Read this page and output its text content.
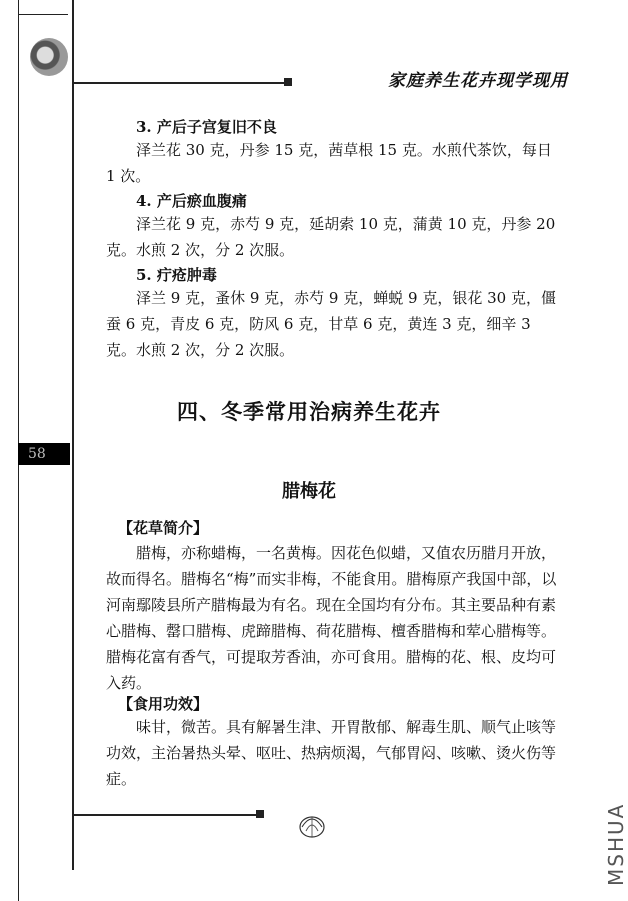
家庭养生花卉现学现用
58
3. 产后子宫复旧不良
泽兰花 30 克，丹参 15 克，茜草根 15 克。水煎代茶饮，每日 1 次。
4. 产后瘀血腹痛
泽兰花 9 克，赤芍 9 克，延胡索 10 克，蒲黄 10 克，丹参 20 克。水煎 2 次，分 2 次服。
5. 疔疮肿毒
泽兰 9 克，蚤休 9 克，赤芍 9 克，蝉蜕 9 克，银花 30 克，僵蚕 6 克，青皮 6 克，防风 6 克，甘草 6 克，黄连 3 克，细辛 3 克。水煎 2 次，分 2 次服。
四、冬季常用治病养生花卉
腊梅花
【花草简介】
腊梅，亦称蜡梅，一名黄梅。因花色似蜡，又值农历腊月开放，故而得名。腊梅名“梅”而实非梅，不能食用。腊梅原产我国中部，以河南鄢陵县所产腊梅最为有名。现在全国均有分布。其主要品种有素心腊梅、罄口腊梅、虎蹄腊梅、荷花腊梅、檀香腊梅和荤心腊梅等。腊梅花富有香气，可提取芳香油，亦可食用。腊梅的花、根、皮均可入药。
【食用功效】
味甘，微苦。具有解暑生津、开胃散郁、解毒生肌、顺气止咳等功效，主治暑热头晕、呕吐、热病烦渴，气郁胃闷、咳嗽、烫火伤等症。
MSHUA
